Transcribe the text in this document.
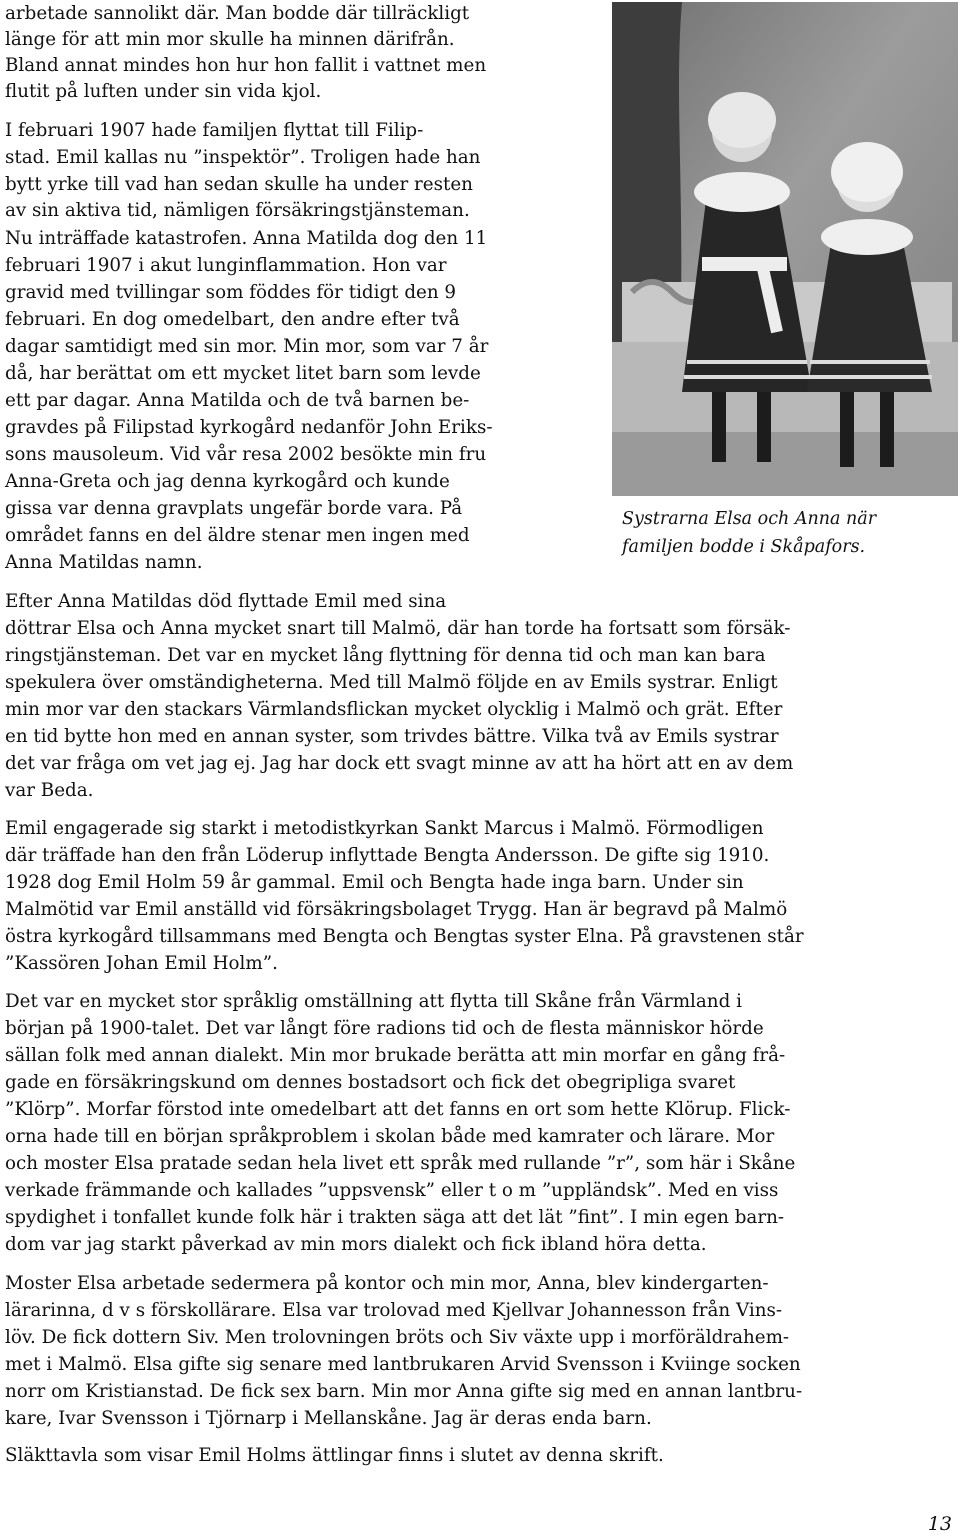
Systrarna Elsa och Anna när
familjen bodde i Skåpafors.
arbetade sannolikt där. Man bodde där tillräckligt
länge för att min mor skulle ha minnen därifrån.
Bland annat mindes hon hur hon fallit i vattnet men
flutit på luften under sin vida kjol.
I februari 1907 hade familjen flyttat till Filip-
stad. Emil kallas nu ”inspektör”. Troligen hade han
bytt yrke till vad han sedan skulle ha under resten
av sin aktiva tid, nämligen försäkringstjänsteman.
Nu inträffade katastrofen. Anna Matilda dog den 11
februari 1907 i akut lunginflammation. Hon var
gravid med tvillingar som föddes för tidigt den 9
februari. En dog omedelbart, den andre efter två
dagar samtidigt med sin mor. Min mor, som var 7 år
då, har berättat om ett mycket litet barn som levde
ett par dagar. Anna Matilda och de två barnen be-
gravdes på Filipstad kyrkogård nedanför John Eriks-
sons mausoleum. Vid vår resa 2002 besökte min fru
Anna-Greta och jag denna kyrkogård och kunde
gissa var denna gravplats ungefär borde vara. På
området fanns en del äldre stenar men ingen med
Anna Matildas namn.
Efter Anna Matildas död flyttade Emil med sina
döttrar Elsa och Anna mycket snart till Malmö, där han torde ha fortsatt som försäk-
ringstjänsteman. Det var en mycket lång flyttning för denna tid och man kan bara
spekulera över omständigheterna. Med till Malmö följde en av Emils systrar. Enligt
min mor var den stackars Värmlandsflickan mycket olycklig i Malmö och grät. Efter
en tid bytte hon med en annan syster, som trivdes bättre. Vilka två av Emils systrar
det var fråga om vet jag ej. Jag har dock ett svagt minne av att ha hört att en av dem
var Beda.
Emil engagerade sig starkt i metodistkyrkan Sankt Marcus i Malmö. Förmodligen
där träffade han den från Löderup inflyttade Bengta Andersson. De gifte sig 1910.
1928 dog Emil Holm 59 år gammal. Emil och Bengta hade inga barn. Under sin
Malmötid var Emil anställd vid försäkringsbolaget Trygg. Han är begravd på Malmö
östra kyrkogård tillsammans med Bengta och Bengtas syster Elna. På gravstenen står
”Kassören Johan Emil Holm”.
Det var en mycket stor språklig omställning att flytta till Skåne från Värmland i
början på 1900-talet. Det var långt före radions tid och de flesta människor hörde
sällan folk med annan dialekt. Min mor brukade berätta att min morfar en gång frå-
gade en försäkringskund om dennes bostadsort och fick det obegripliga svaret
”Klörp”. Morfar förstod inte omedelbart att det fanns en ort som hette Klörup. Flick-
orna hade till en början språkproblem i skolan både med kamrater och lärare. Mor
och moster Elsa pratade sedan hela livet ett språk med rullande ”r”, som här i Skåne
verkade främmande och kallades ”uppsvensk” eller t o m ”uppländsk”. Med en viss
spydighet i tonfallet kunde folk här i trakten säga att det lät ”fint”. I min egen barn-
dom var jag starkt påverkad av min mors dialekt och fick ibland höra detta.
Moster Elsa arbetade sedermera på kontor och min mor, Anna, blev kindergarten-
lärarinna, d v s förskollärare. Elsa var trolovad med Kjellvar Johannesson från Vins-
löv. De fick dottern Siv. Men trolovningen bröts och Siv växte upp i morföräldrahem-
met i Malmö. Elsa gifte sig senare med lantbrukaren Arvid Svensson i Kviinge socken
norr om Kristianstad. De fick sex barn. Min mor Anna gifte sig med en annan lantbru-
kare, Ivar Svensson i Tjörnarp i Mellanskåne. Jag är deras enda barn.
Släkttavla som visar Emil Holms ättlingar finns i slutet av denna skrift.
13
